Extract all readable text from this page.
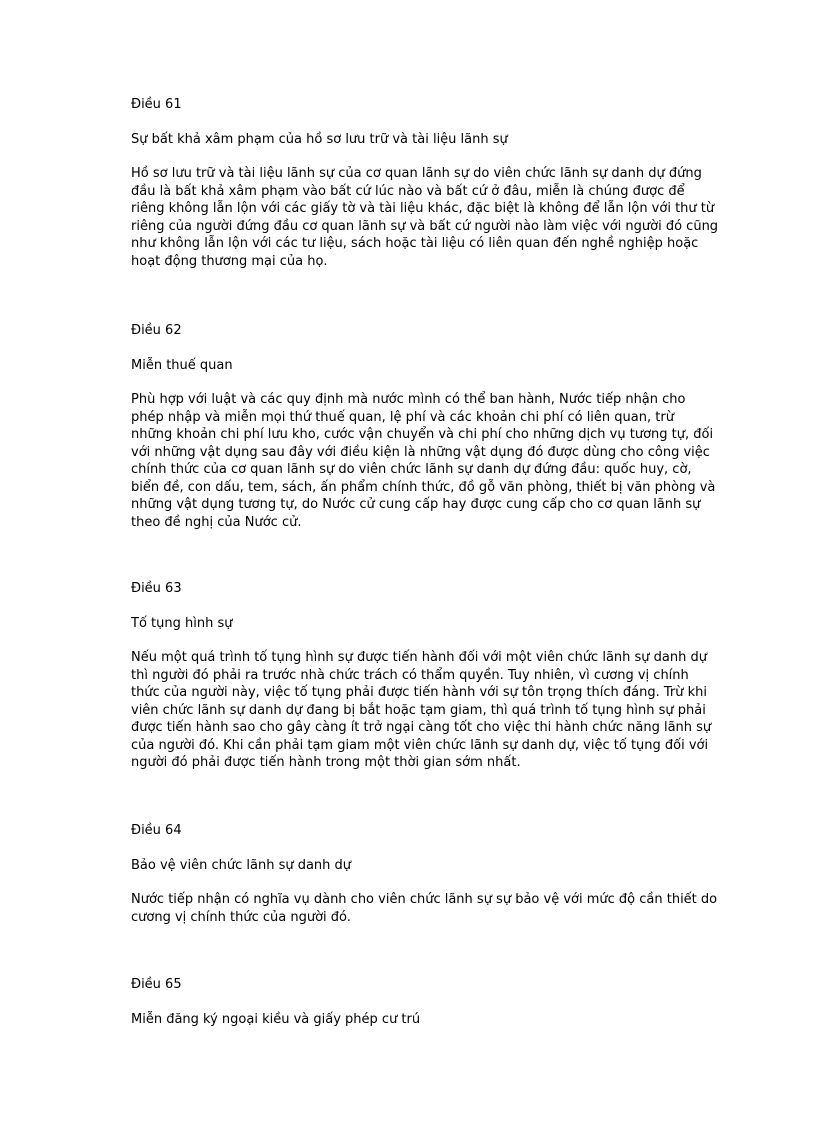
Điều 61

Sự bất khả xâm phạm của hồ sơ lưu trữ và tài liệu lãnh sự

Hồ sơ lưu trữ và tài liệu lãnh sự của cơ quan lãnh sự do viên chức lãnh sự danh dự đứng
đầu là bất khả xâm phạm vào bất cứ lúc nào và bất cứ ở đâu, miễn là chúng được để
riêng không lẫn lộn với các giấy tờ và tài liệu khác, đặc biệt là không để lẫn lộn với thư từ
riêng của người đứng đầu cơ quan lãnh sự và bất cứ người nào làm việc với người đó cũng
như không lẫn lộn với các tư liệu, sách hoặc tài liệu có liên quan đến nghề nghiệp hoặc
hoạt động thương mại của họ.

Điều 62

Miễn thuế quan

Phù hợp với luật và các quy định mà nước mình có thể ban hành, Nước tiếp nhận cho
phép nhập và miễn mọi thứ thuế quan, lệ phí và các khoản chi phí có liên quan, trừ
những khoản chi phí lưu kho, cước vận chuyển và chi phí cho những dịch vụ tương tự, đối
với những vật dụng sau đây với điều kiện là những vật dụng đó được dùng cho công việc
chính thức của cơ quan lãnh sự do viên chức lãnh sự danh dự đứng đầu: quốc huy, cờ,
biển đề, con dấu, tem, sách, ấn phẩm chính thức, đồ gỗ văn phòng, thiết bị văn phòng và
những vật dụng tương tự, do Nước cử cung cấp hay được cung cấp cho cơ quan lãnh sự
theo đề nghị của Nước cử.

Điều 63

Tố tụng hình sự

Nếu một quá trình tố tụng hình sự được tiến hành đối với một viên chức lãnh sự danh dự
thì người đó phải ra trước nhà chức trách có thẩm quyền. Tuy nhiên, vì cương vị chính
thức của người này, việc tố tụng phải được tiến hành với sự tôn trọng thích đáng. Trừ khi
viên chức lãnh sự danh dự đang bị bắt hoặc tạm giam, thì quá trình tố tụng hình sự phải
được tiến hành sao cho gây càng ít trở ngại càng tốt cho việc thi hành chức năng lãnh sự
của người đó. Khi cần phải tạm giam một viên chức lãnh sự danh dự, việc tố tụng đối với
người đó phải được tiến hành trong một thời gian sớm nhất.

Điều 64

Bảo vệ viên chức lãnh sự danh dự

Nước tiếp nhận có nghĩa vụ dành cho viên chức lãnh sự sự bảo vệ với mức độ cần thiết do
cương vị chính thức của người đó.

Điều 65

Miễn đăng ký ngoại kiều và giấy phép cư trú
